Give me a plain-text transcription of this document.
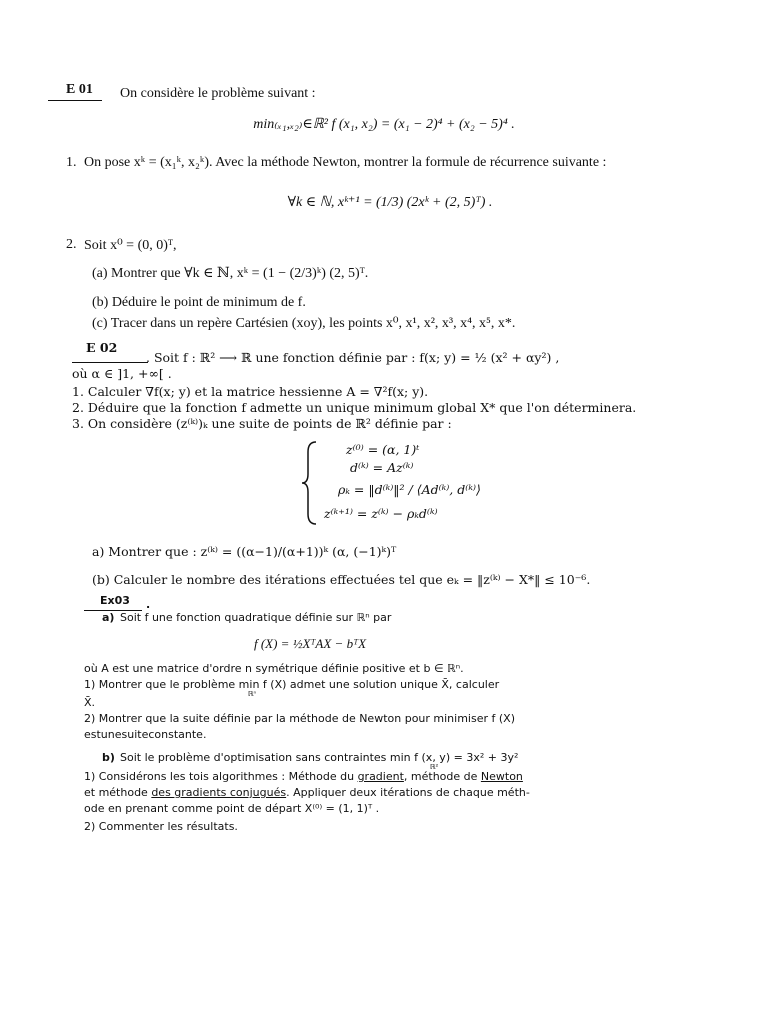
E 01 On considère le problème suivant :
min₍ₓ₁,ₓ₂₎∈ℝ² f (x₁, x₂) = (x₁ − 2)⁴ + (x₂ − 5)⁴ .
1. On pose xᵏ = (x₁ᵏ, x₂ᵏ). Avec la méthode Newton, montrer la formule de récurrence suivante :
∀k ∈ ℕ, xᵏ⁺¹ = (1/3) (2xᵏ + (2, 5)ᵀ) .
2. Soit x⁰ = (0, 0)ᵀ,
(a) Montrer que ∀k ∈ ℕ, xᵏ = (1 − (2/3)ᵏ) (2, 5)ᵀ.
(b) Déduire le point de minimum de f.
(c) Tracer dans un repère Cartésien (xoy), les points x⁰, x¹, x², x³, x⁴, x⁵, x*.
E 02
. Soit f : ℝ² ⟶ ℝ une fonction définie par : f(x; y) = ½ (x² + αy²) ,
où α ∈ ]1, +∞[ .
1. Calculer ∇f(x; y) et la matrice hessienne A = ∇²f(x; y).
2. Déduire que la fonction f admette un unique minimum global X* que l'on déterminera.
3. On considère (z⁽ᵏ⁾)ₖ une suite de points de ℝ² définie par :
z⁽⁰⁾ = (α, 1)ᵗ
d⁽ᵏ⁾ = Az⁽ᵏ⁾
ρₖ = ‖d⁽ᵏ⁾‖² / ⟨Ad⁽ᵏ⁾, d⁽ᵏ⁾⟩
z⁽ᵏ⁺¹⁾ = z⁽ᵏ⁾ − ρₖd⁽ᵏ⁾
a) Montrer que : z⁽ᵏ⁾ = ((α−1)/(α+1))ᵏ (α, (−1)ᵏ)ᵀ
(b) Calculer le nombre des itérations effectuées tel que eₖ = ‖z⁽ᵏ⁾ − X*‖ ≤ 10⁻⁶.
Ex03 .
a) Soit f une fonction quadratique définie sur ℝⁿ par
f (X) = ½XᵀAX − bᵀX
où A est une matrice d'ordre n symétrique définie positive et b ∈ ℝⁿ.
1) Montrer que le problème min f (X) admet une solution unique X̄, calculer
ℝⁿ
X̄.
2) Montrer que la suite définie par la méthode de Newton pour minimiser f (X)
estunesuiteconstante.
b) Soit le problème d'optimisation sans contraintes min f (x, y) = 3x² + 3y²
ℝ²
1) Considérons les tois algorithmes : Méthode du gradient, méthode de Newton
et méthode des gradients conjugués. Appliquer deux itérations de chaque méth-
ode en prenant comme point de départ X⁽⁰⁾ = (1, 1)ᵀ .
2) Commenter les résultats.
